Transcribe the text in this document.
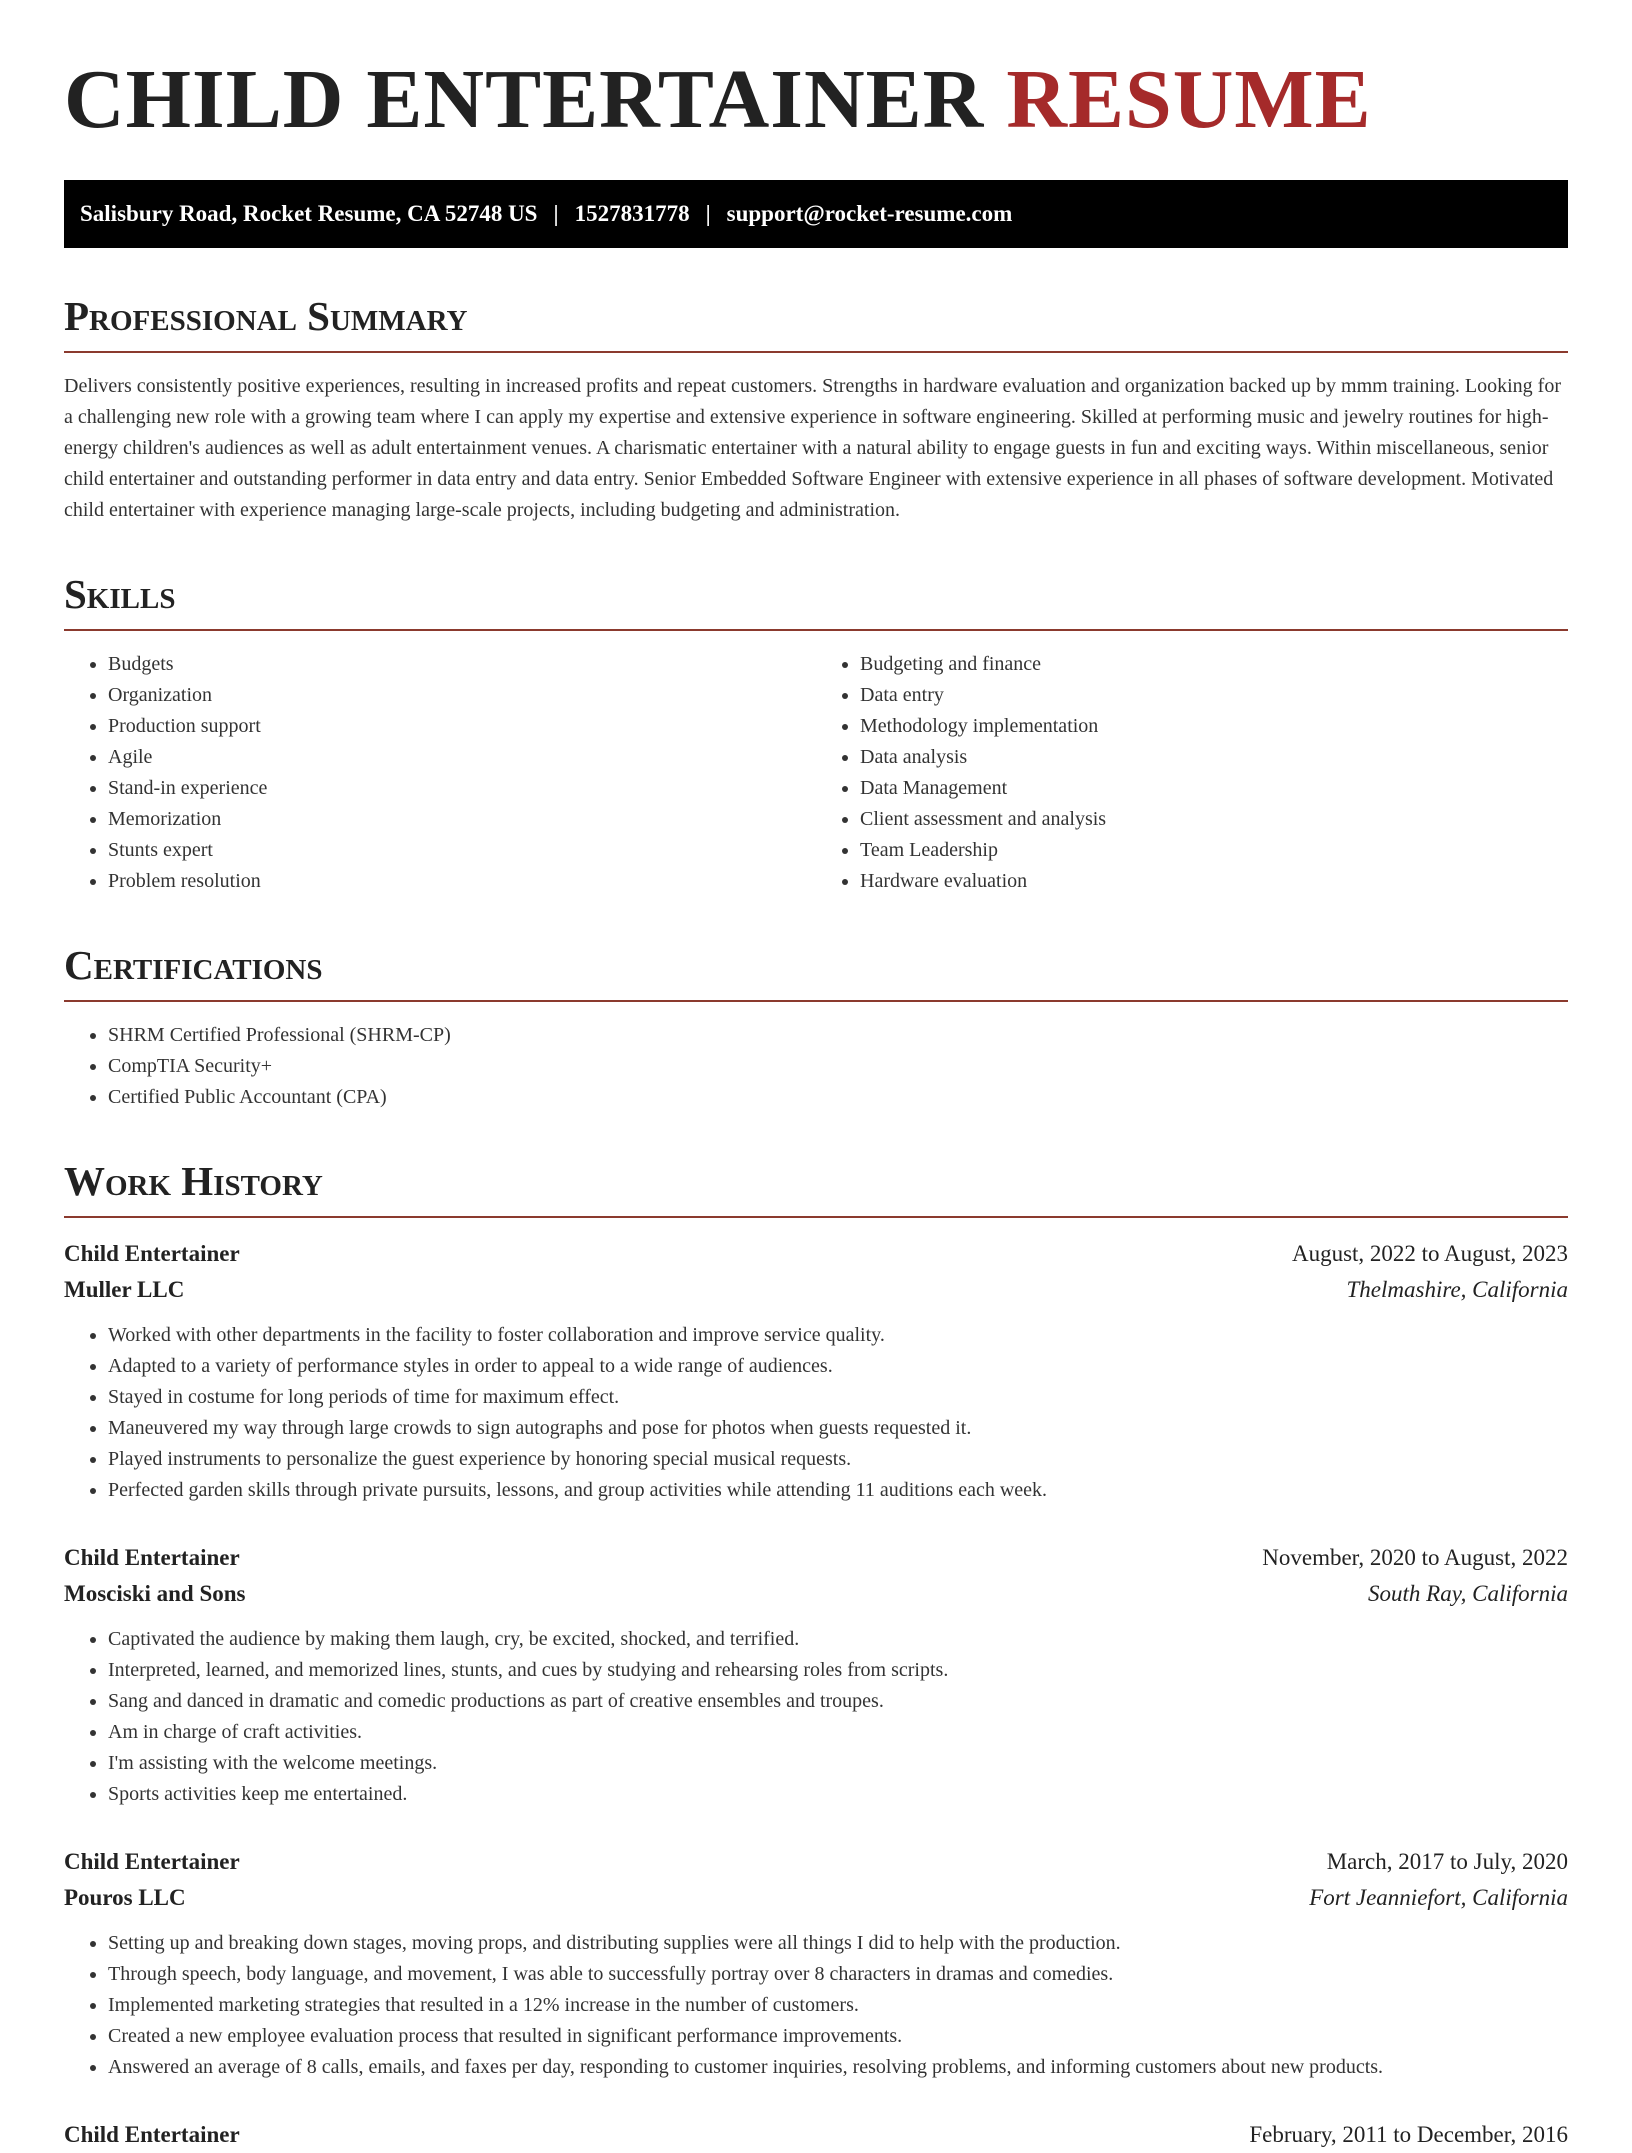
CHILD ENTERTAINER RESUME
Salisbury Road, Rocket Resume, CA 52748 US | 1527831778 | support@rocket-resume.com
Professional Summary

Delivers consistently positive experiences, resulting in increased profits and repeat customers. Strengths in hardware evaluation and organization backed up by mmm training. Looking for a challenging new role with a growing team where I can apply my expertise and extensive experience in software engineering. Skilled at performing music and jewelry routines for high-energy children's audiences as well as adult entertainment venues. A charismatic entertainer with a natural ability to engage guests in fun and exciting ways. Within miscellaneous, senior child entertainer and outstanding performer in data entry and data entry. Senior Embedded Software Engineer with extensive experience in all phases of software development. Motivated child entertainer with experience managing large-scale projects, including budgeting and administration.

Skills
• Budgets
• Organization
• Production support
• Agile
• Stand-in experience
• Memorization
• Stunts expert
• Problem resolution
• Budgeting and finance
• Data entry
• Methodology implementation
• Data analysis
• Data Management
• Client assessment and analysis
• Team Leadership
• Hardware evaluation
Certifications
• SHRM Certified Professional (SHRM-CP)
• CompTIA Security+
• Certified Public Accountant (CPA)
Work History
Child Entertainer	August, 2022 to August, 2023
Muller LLC	Thelmashire, California
• Worked with other departments in the facility to foster collaboration and improve service quality.
• Adapted to a variety of performance styles in order to appeal to a wide range of audiences.
• Stayed in costume for long periods of time for maximum effect.
• Maneuvered my way through large crowds to sign autographs and pose for photos when guests requested it.
• Played instruments to personalize the guest experience by honoring special musical requests.
• Perfected garden skills through private pursuits, lessons, and group activities while attending 11 auditions each week.
Child Entertainer	November, 2020 to August, 2022
Mosciski and Sons	South Ray, California
• Captivated the audience by making them laugh, cry, be excited, shocked, and terrified.
• Interpreted, learned, and memorized lines, stunts, and cues by studying and rehearsing roles from scripts.
• Sang and danced in dramatic and comedic productions as part of creative ensembles and troupes.
• Am in charge of craft activities.
• I'm assisting with the welcome meetings.
• Sports activities keep me entertained.
Child Entertainer	March, 2017 to July, 2020
Pouros LLC	Fort Jeanniefort, California
• Setting up and breaking down stages, moving props, and distributing supplies were all things I did to help with the production.
• Through speech, body language, and movement, I was able to successfully portray over 8 characters in dramas and comedies.
• Implemented marketing strategies that resulted in a 12% increase in the number of customers.
• Created a new employee evaluation process that resulted in significant performance improvements.
• Answered an average of 8 calls, emails, and faxes per day, responding to customer inquiries, resolving problems, and informing customers about new products.
Child Entertainer	February, 2011 to December, 2016
